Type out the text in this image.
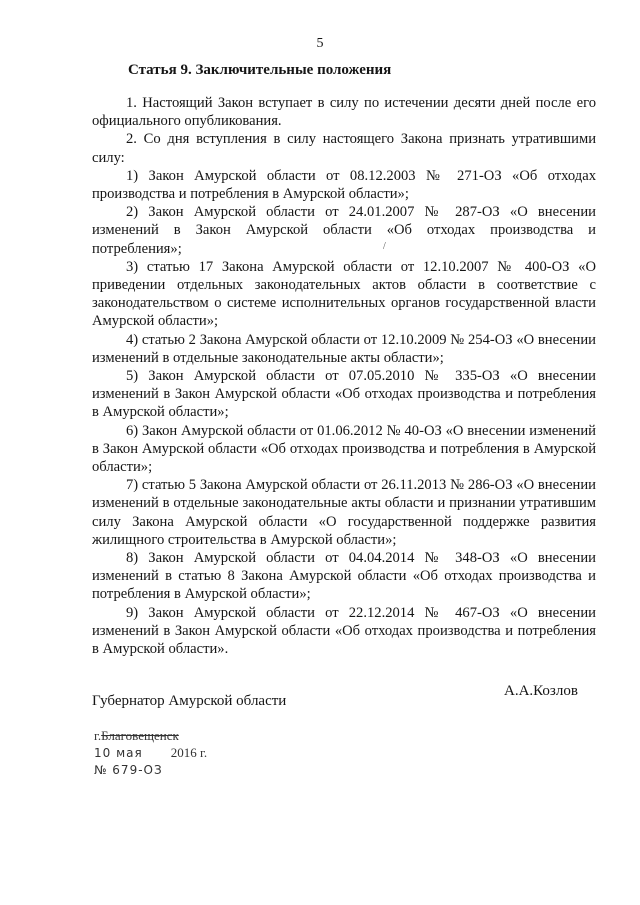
5
Статья 9. Заключительные положения

1. Настоящий Закон вступает в силу по истечении десяти дней после его официального опубликования.

2. Со дня вступления в силу настоящего Закона признать утратившими силу:

1) Закон Амурской области от 08.12.2003 № 271-ОЗ «Об отходах производства и потребления в Амурской области»;

2) Закон Амурской области от 24.01.2007 № 287-ОЗ «О внесении изменений в Закон Амурской области «Об отходах производства и потребления»;

3) статью 17 Закона Амурской области от 12.10.2007 № 400-ОЗ «О приведении отдельных законодательных актов области в соответствие с законодательством о системе исполнительных органов государственной власти Амурской области»;

4) статью 2 Закона Амурской области от 12.10.2009 № 254-ОЗ «О внесении изменений в отдельные законодательные акты области»;

5) Закон Амурской области от 07.05.2010 № 335-ОЗ «О внесении изменений в Закон Амурской области «Об отходах производства и потребления в Амурской области»;

6) Закон Амурской области от 01.06.2012 № 40-ОЗ «О внесении изменений в Закон Амурской области «Об отходах производства и потребления в Амурской области»;

7) статью 5 Закона Амурской области от 26.11.2013 № 286-ОЗ «О внесении изменений в отдельные законодательные акты области и признании утратившим силу Закона Амурской области «О государственной поддержке развития жилищного строительства в Амурской области»;

8) Закон Амурской области от 04.04.2014 № 348-ОЗ «О внесении изменений в статью 8 Закона Амурской области «Об отходах производства и потребления в Амурской области»;

9) Закон Амурской области от 22.12.2014 № 467-ОЗ «О внесении изменений в Закон Амурской области «Об отходах производства и потребления в Амурской области».

/
Губернатор Амурской области
А.А.Козлов
г.Благовещенск
10 мая 2016 г.
№ 679-ОЗ
